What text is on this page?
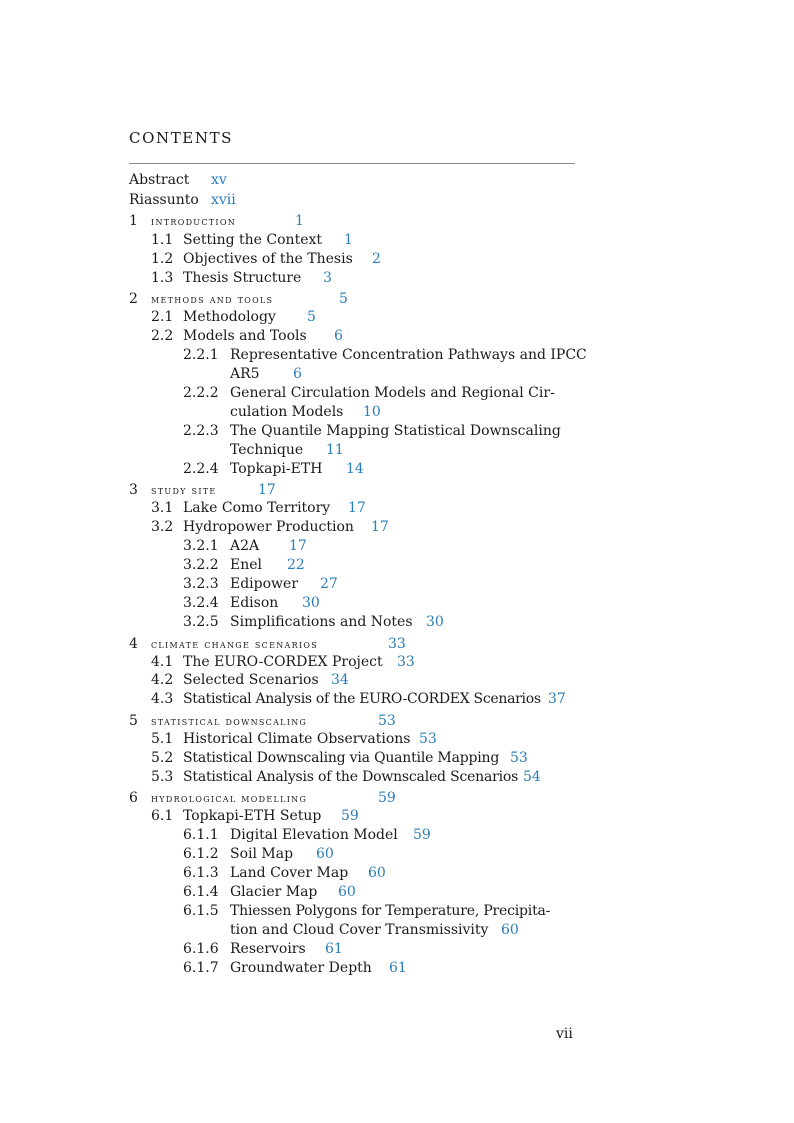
CONTENTS
Abstract xv
Riassunto xvii
1 introduction	1
1.1 Setting the Context 1
1.2 Objectives of the Thesis 2
1.3 Thesis Structure 3
2 methods and tools	5
2.1 Methodology 5
2.2 Models and Tools 6
2.2.1 Representative Concentration Pathways and IPCC
AR5 6
2.2.2 General Circulation Models and Regional Cir-
culation Models 10
2.2.3 The Quantile Mapping Statistical Downscaling
Technique 11
2.2.4 Topkapi-ETH 14
3 study site	17
3.1 Lake Como Territory 17
3.2 Hydropower Production 17
3.2.1 A2A 17
3.2.2 Enel 22
3.2.3 Edipower 27
3.2.4 Edison 30
3.2.5 Simplifications and Notes 30
4 climate change scenarios	33
4.1 The EURO-CORDEX Project 33
4.2 Selected Scenarios 34
4.3 Statistical Analysis of the EURO-CORDEX Scenarios 37
5 statistical downscaling	53
5.1 Historical Climate Observations 53
5.2 Statistical Downscaling via Quantile Mapping 53
5.3 Statistical Analysis of the Downscaled Scenarios 54
6 hydrological modelling	59
6.1 Topkapi-ETH Setup 59
6.1.1 Digital Elevation Model 59
6.1.2 Soil Map 60
6.1.3 Land Cover Map 60
6.1.4 Glacier Map 60
6.1.5 Thiessen Polygons for Temperature, Precipita-
tion and Cloud Cover Transmissivity 60
6.1.6 Reservoirs 61
6.1.7 Groundwater Depth 61
vii
